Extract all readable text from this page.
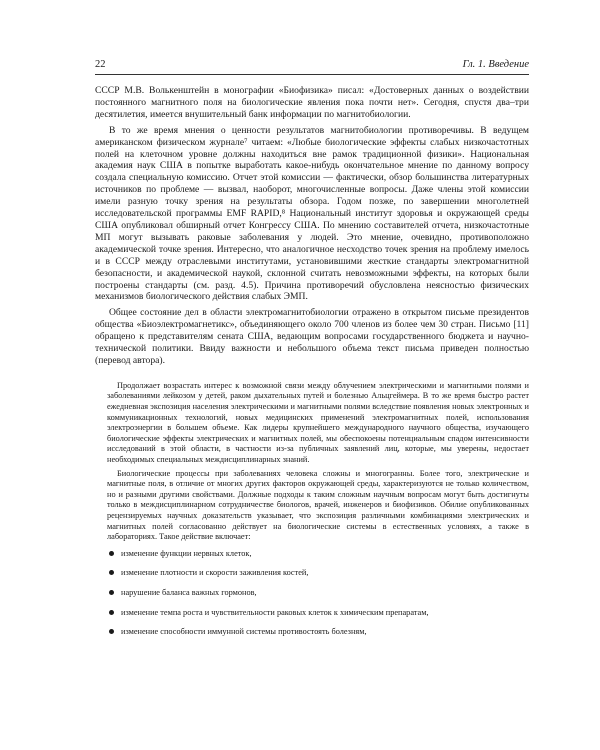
22	Гл. 1. Введение

СССР М.В. Волькенштейн в монографии «Биофизика» писал: «Достоверных данных о воздействии постоянного магнитного поля на биологические явления пока почти нет». Сегодня, спустя два–три десятилетия, имеется внушительный банк информации по магнитобиологии.

В то же время мнения о ценности результатов магнитобиологии противоречивы. В ведущем американском физическом журнале⁷ читаем: «Любые биологические эффекты слабых низкочастотных полей на клеточном уровне должны находиться вне рамок традиционной физики». Национальная академия наук США в попытке выработать какое-нибудь окончательное мнение по данному вопросу создала специальную комиссию. Отчет этой комиссии — фактически, обзор большинства литературных источников по проблеме — вызвал, наоборот, многочисленные вопросы. Даже члены этой комиссии имели разную точку зрения на результаты обзора. Годом позже, по завершении многолетней исследовательской программы EMF RAPID,⁸ Национальный институт здоровья и окружающей среды США опубликовал обширный отчет Конгрессу США. По мнению составителей отчета, низкочастотные МП могут вызывать раковые заболевания у людей. Это мнение, очевидно, противоположно академической точке зрения. Интересно, что аналогичное несходство точек зрения на проблему имелось и в СССР между отраслевыми институтами, установившими жесткие стандарты электромагнитной безопасности, и академической наукой, склонной считать невозможными эффекты, на которых были построены стандарты (см. разд. 4.5). Причина противоречий обусловлена неясностью физических механизмов биологического действия слабых ЭМП.

Общее состояние дел в области электромагнитобиологии отражено в открытом письме президентов общества «Биоэлектромагнетикс», объединяющего около 700 членов из более чем 30 стран. Письмо [11] обращено к представителям сената США, ведающим вопросами государственного бюджета и научно-технической политики. Ввиду важности и небольшого объема текст письма приведен полностью (перевод автора).

Продолжает возрастать интерес к возможной связи между облучением электрическими и магнитными полями и заболеваниями лейкозом у детей, раком дыхательных путей и болезнью Альцгеймера. В то же время быстро растет ежедневная экспозиция населения электрическими и магнитными полями вследствие появления новых электронных и коммуникационных технологий, новых медицинских применений электромагнитных полей, использования электроэнергии в большем объеме. Как лидеры крупнейшего международного научного общества, изучающего биологические эффекты электрических и магнитных полей, мы обеспокоены потенциальным спадом интенсивности исследований в этой области, в частности из-за публичных заявлений лиц, которые, мы уверены, недостает необходимых специальных междисциплинарных знаний.

Биологические процессы при заболеваниях человека сложны и многогранны. Более того, электрические и магнитные поля, в отличие от многих других факторов окружающей среды, характеризуются не только количеством, но и разными другими свойствами. Должные подходы к таким сложным научным вопросам могут быть достигнуты только в междисциплинарном сотрудничестве биологов, врачей, инженеров и биофизиков. Обилие опубликованных рецензируемых научных доказательств указывает, что экспозиция различными комбинациями электрических и магнитных полей согласованно действует на биологические системы в естественных условиях, а также в лабораториях. Такое действие включает:

изменение функции нервных клеток,
изменение плотности и скорости заживления костей,
нарушение баланса важных гормонов,
изменение темпа роста и чувствительности раковых клеток к химическим препаратам,
изменение способности иммунной системы противостоять болезням,
